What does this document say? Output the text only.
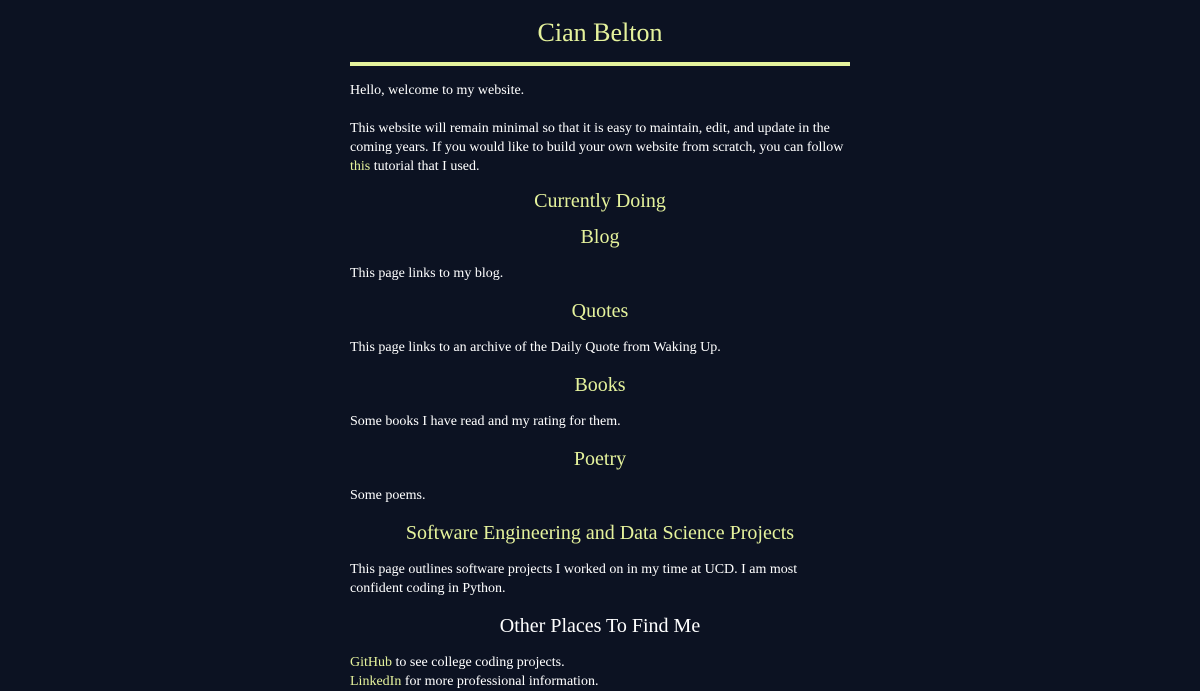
Cian Belton

Hello, welcome to my website.

This website will remain minimal so that it is easy to maintain, edit, and update in the coming years. If you would like to build your own website from scratch, you can follow this tutorial that I used.

Currently Doing
Blog

This page links to my blog.

Quotes

This page links to an archive of the Daily Quote from Waking Up.

Books

Some books I have read and my rating for them.

Poetry

Some poems.

Software Engineering and Data Science Projects

This page outlines software projects I worked on in my time at UCD. I am most confident coding in Python.

Other Places To Find Me

GitHub to see college coding projects.
LinkedIn for more professional information.
